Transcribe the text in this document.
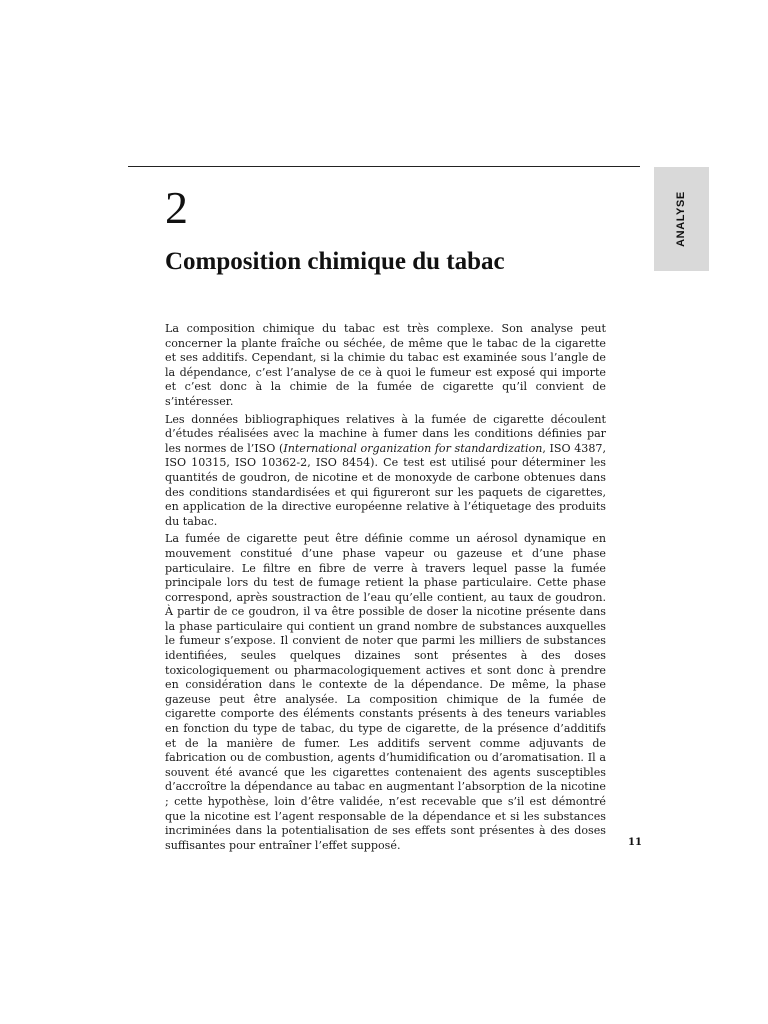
ANALYSE
2
Composition chimique du tabac

La composition chimique du tabac est très complexe. Son analyse peut concerner la plante fraîche ou séchée, de même que le tabac de la cigarette et ses additifs. Cependant, si la chimie du tabac est examinée sous l’angle de la dépendance, c’est l’analyse de ce à quoi le fumeur est exposé qui importe et c’est donc à la chimie de la fumée de cigarette qu’il convient de s’intéresser.

Les données bibliographiques relatives à la fumée de cigarette découlent d’études réalisées avec la machine à fumer dans les conditions définies par les normes de l’ISO (International organization for standardization, ISO 4387, ISO 10315, ISO 10362-2, ISO 8454). Ce test est utilisé pour déterminer les quantités de goudron, de nicotine et de monoxyde de carbone obtenues dans des conditions standardisées et qui figureront sur les paquets de cigarettes, en application de la directive européenne relative à l’étiquetage des produits du tabac.

La fumée de cigarette peut être définie comme un aérosol dynamique en mouvement constitué d’une phase vapeur ou gazeuse et d’une phase particulaire. Le filtre en fibre de verre à travers lequel passe la fumée principale lors du test de fumage retient la phase particulaire. Cette phase correspond, après soustraction de l’eau qu’elle contient, au taux de goudron. À partir de ce goudron, il va être possible de doser la nicotine présente dans la phase particulaire qui contient un grand nombre de substances auxquelles le fumeur s’expose. Il convient de noter que parmi les milliers de substances identifiées, seules quelques dizaines sont présentes à des doses toxicologiquement ou pharmacologiquement actives et sont donc à prendre en considération dans le contexte de la dépendance. De même, la phase gazeuse peut être analysée. La composition chimique de la fumée de cigarette comporte des éléments constants présents à des teneurs variables en fonction du type de tabac, du type de cigarette, de la présence d’additifs et de la manière de fumer. Les additifs servent comme adjuvants de fabrication ou de combustion, agents d’humidification ou d’aromatisation. Il a souvent été avancé que les cigarettes contenaient des agents susceptibles d’accroître la dépendance au tabac en augmentant l’absorption de la nicotine ; cette hypothèse, loin d’être validée, n’est recevable que s’il est démontré que la nicotine est l’agent responsable de la dépendance et si les substances incriminées dans la potentialisation de ses effets sont présentes à des doses suffisantes pour entraîner l’effet supposé.	11
